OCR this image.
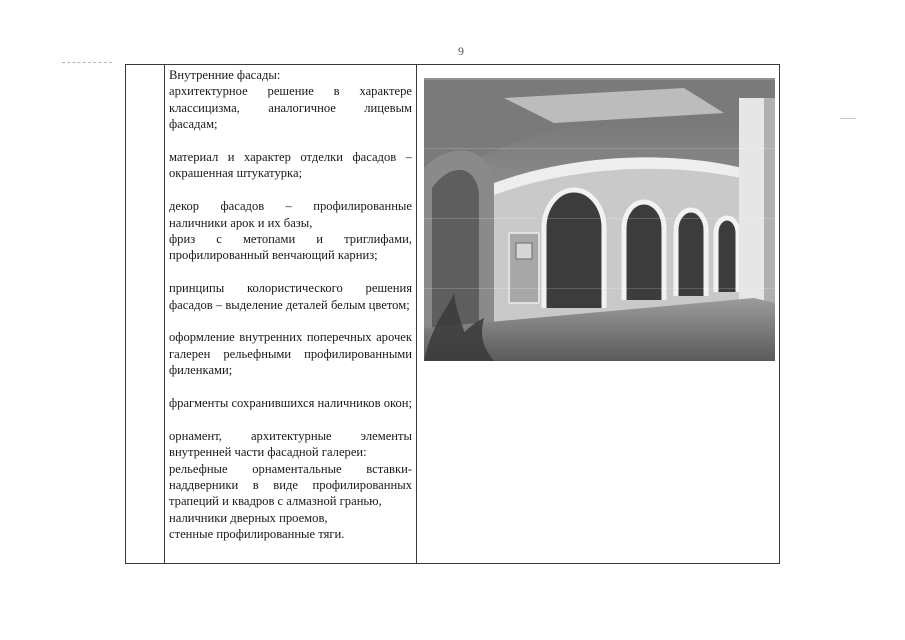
9

Внутренние фасады:

архитектурное решение в характере классицизма, аналогичное лицевым фасадам;

материал и характер отделки фасадов – окрашенная штукатурка;

декор фасадов – профилированные наличники арок и их базы,

фриз с метопами и триглифами, профилированный венчающий карниз;

принципы колористического решения фасадов – выделение деталей белым цветом;

оформление внутренних поперечных арочек галерен рельефными профилированными филенками;

фрагменты сохранившихся наличников окон;

орнамент, архитектурные элементы внутренней части фасадной галереи:

рельефные орнаментальные вставки-наддверники в виде профилированных трапеций и квадров с алмазной гранью,

наличники дверных проемов,

стенные профилированные тяги.
